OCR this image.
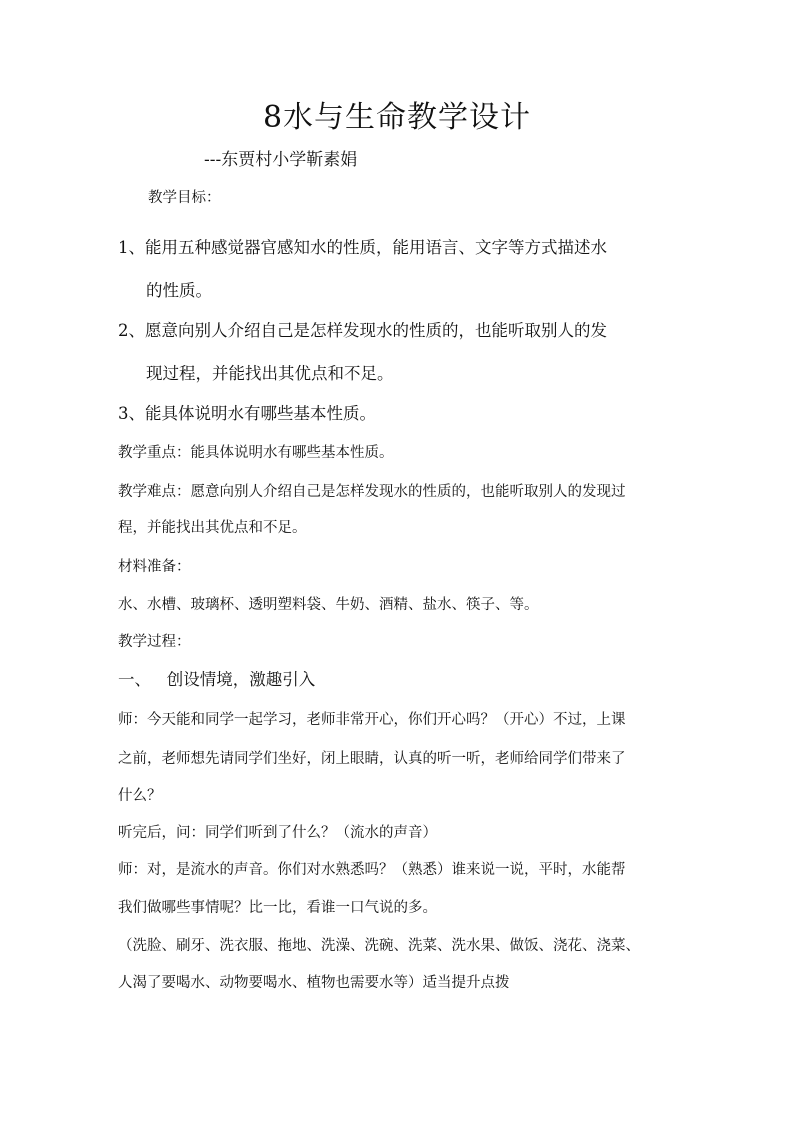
8水与生命教学设计
---东贾村小学靳素娟
教学目标：
1、能用五种感觉器官感知水的性质，能用语言、文字等方式描述水
的性质。
2、愿意向别人介绍自己是怎样发现水的性质的，也能听取别人的发
现过程，并能找出其优点和不足。
3、能具体说明水有哪些基本性质。
教学重点：能具体说明水有哪些基本性质。
教学难点：愿意向别人介绍自己是怎样发现水的性质的，也能听取别人的发现过
程，并能找出其优点和不足。
材料准备：
水、水槽、玻璃杯、透明塑料袋、牛奶、酒精、盐水、筷子、等。
教学过程：
一、   创设情境，激趣引入
师：今天能和同学一起学习，老师非常开心，你们开心吗？（开心）不过，上课
之前，老师想先请同学们坐好，闭上眼睛，认真的听一听，老师给同学们带来了
什么？
听完后，问：同学们听到了什么？（流水的声音）
师：对，是流水的声音。你们对水熟悉吗？（熟悉）谁来说一说，平时，水能帮
我们做哪些事情呢？比一比，看谁一口气说的多。
（洗脸、刷牙、洗衣服、拖地、洗澡、洗碗、洗菜、洗水果、做饭、浇花、浇菜、
人渴了要喝水、动物要喝水、植物也需要水等）适当提升点拨
